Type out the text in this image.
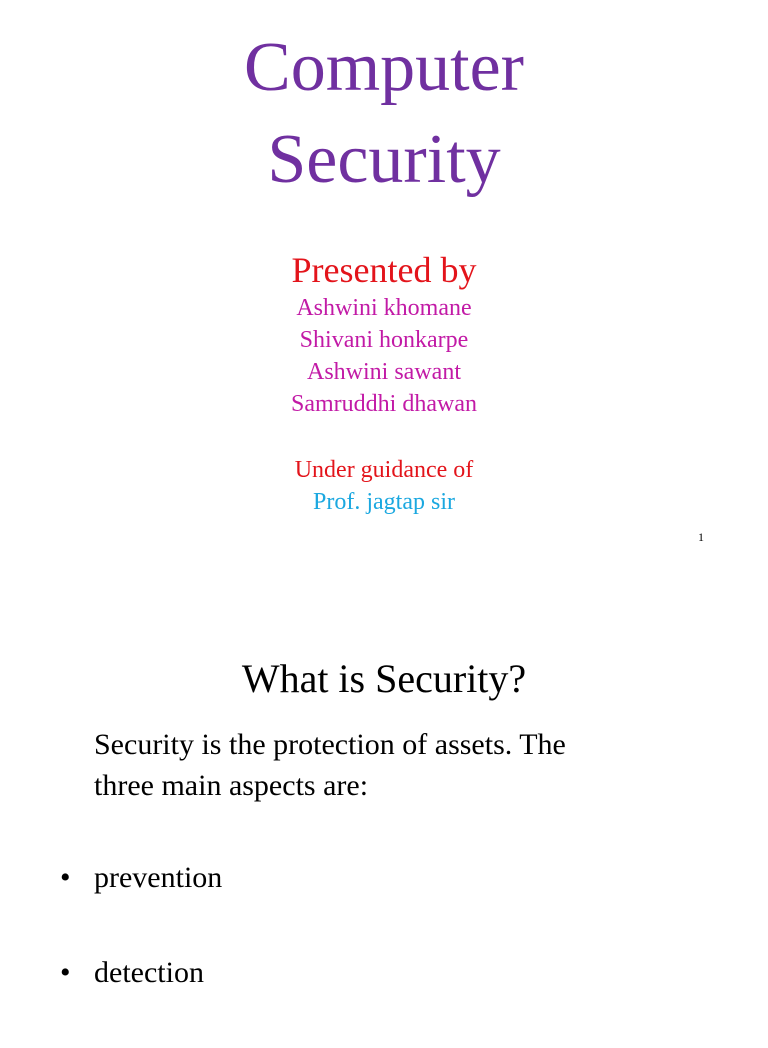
Computer
Security
Presented by
Ashwini khomane
Shivani honkarpe
Ashwini sawant
Samruddhi dhawan
Under guidance of
Prof. jagtap sir
1
What is Security?
Security is the protection of assets. The
three main aspects are:
• prevention
• detection
